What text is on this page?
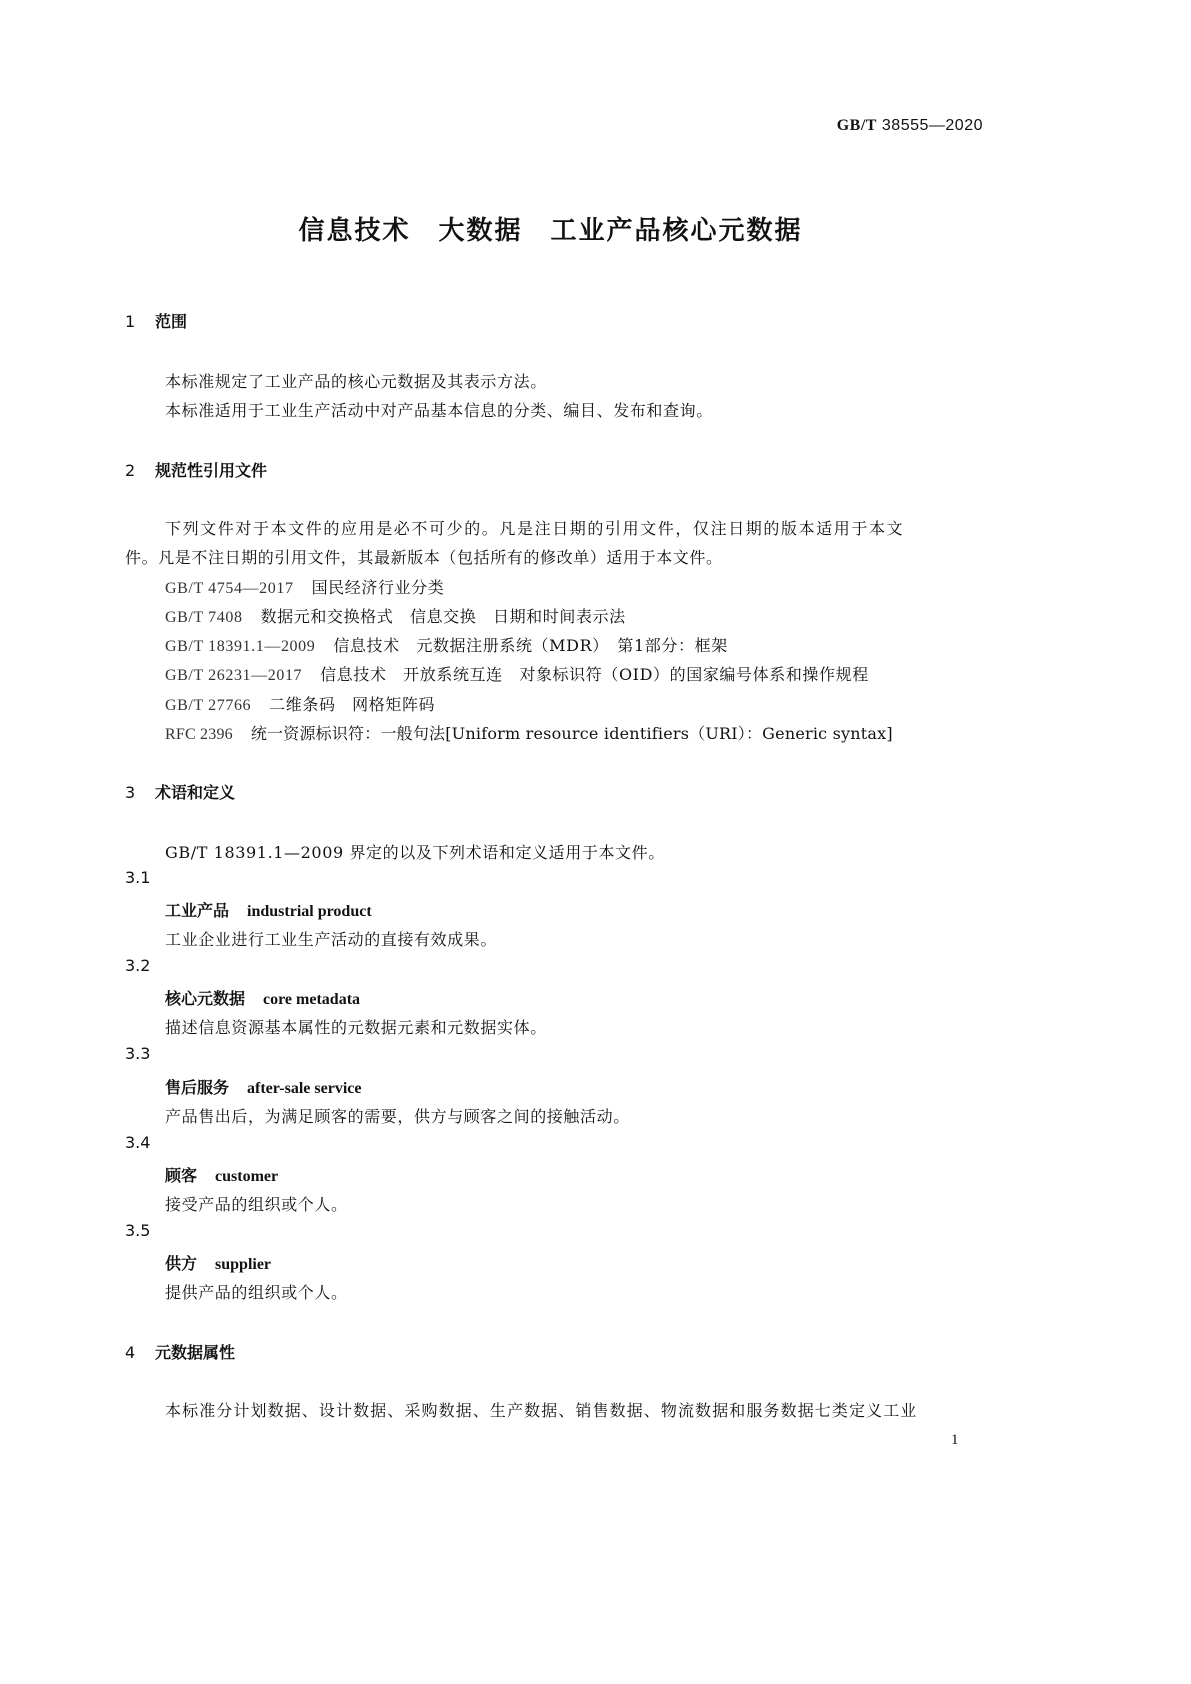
GB/T 38555—2020
信息技术 大数据 工业产品核心元数据
1 范围
本标准规定了工业产品的核心元数据及其表示方法。
本标准适用于工业生产活动中对产品基本信息的分类、编目、发布和查询。
2 规范性引用文件
下列文件对于本文件的应用是必不可少的。凡是注日期的引用文件，仅注日期的版本适用于本文
件。凡是不注日期的引用文件，其最新版本（包括所有的修改单）适用于本文件。
GB/T 4754—2017 国民经济行业分类
GB/T 7408 数据元和交换格式　信息交换　日期和时间表示法
GB/T 18391.1—2009 信息技术　元数据注册系统（MDR）　第1部分：框架
GB/T 26231—2017 信息技术　开放系统互连　对象标识符（OID）的国家编号体系和操作规程
GB/T 27766 二维条码　网格矩阵码
RFC 2396 统一资源标识符：一般句法[Uniform resource identifiers（URI）：Generic syntax]
3 术语和定义
GB/T 18391.1—2009 界定的以及下列术语和定义适用于本文件。
3.1
工业产品 industrial product
工业企业进行工业生产活动的直接有效成果。
3.2
核心元数据 core metadata
描述信息资源基本属性的元数据元素和元数据实体。
3.3
售后服务 after-sale service
产品售出后，为满足顾客的需要，供方与顾客之间的接触活动。
3.4
顾客 customer
接受产品的组织或个人。
3.5
供方 supplier
提供产品的组织或个人。
4 元数据属性
本标准分计划数据、设计数据、采购数据、生产数据、销售数据、物流数据和服务数据七类定义工业
1
